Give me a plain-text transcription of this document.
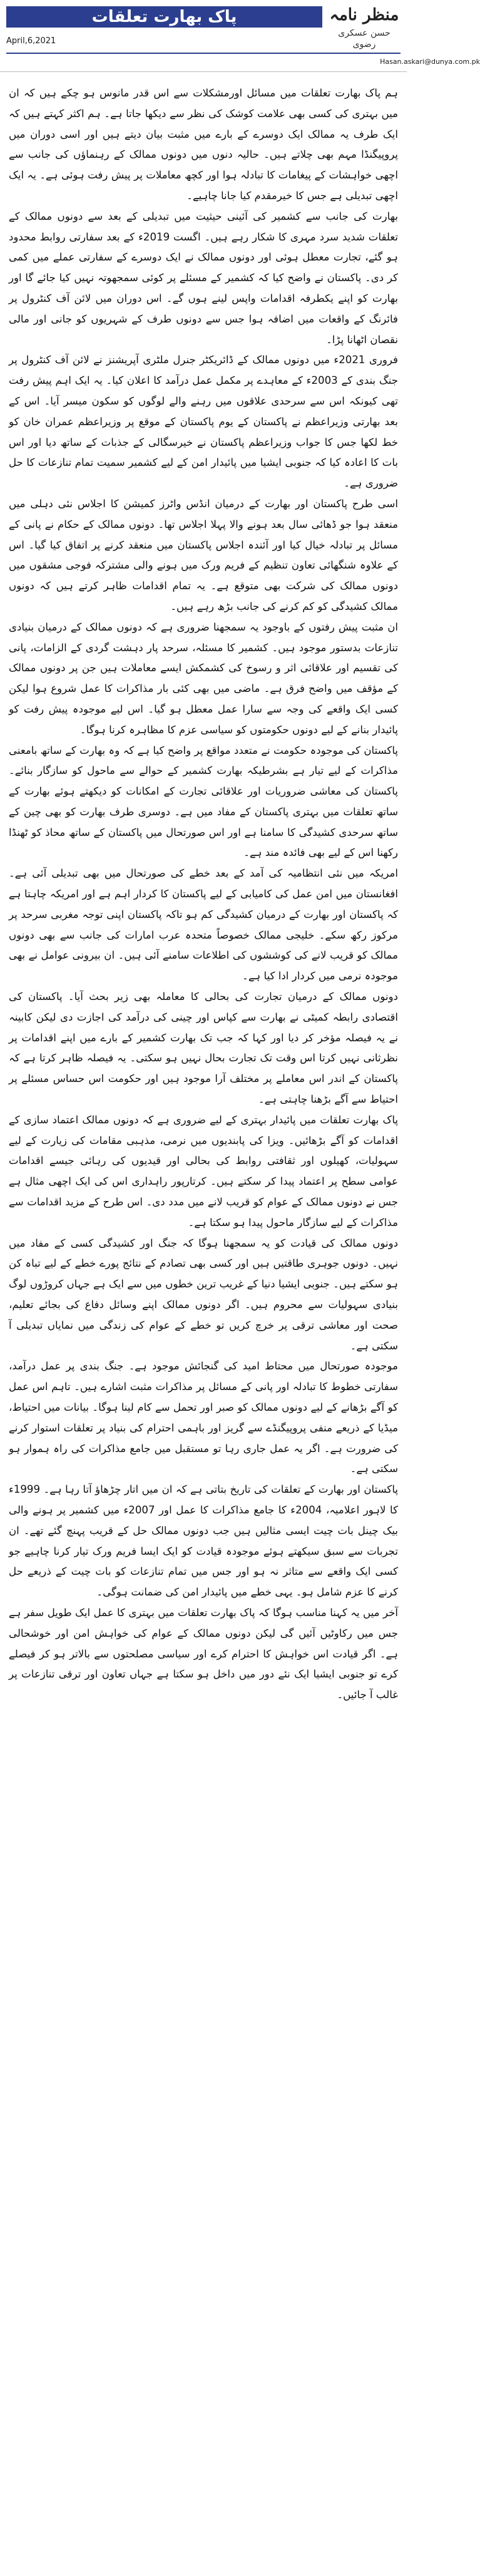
پاک بھارت تعلقات	منظر نامہ
حسن عسکری رضوی
April,6,2021
Hasan.askari@dunya.com.pk

ہم پاک بھارت تعلقات میں مسائل اورمشکلات سے اس قدر مانوس ہو چکے ہیں کہ ان میں بہتری کی کسی بھی علامت کوشک کی نظر سے دیکھا جاتا ہے۔ ہم اکثر کہتے ہیں کہ ایک طرف یہ ممالک ایک دوسرے کے بارے میں مثبت بیان دیتے ہیں اور اسی دوران میں پروپیگنڈا مہم بھی چلاتے ہیں۔ حالیہ دنوں میں دونوں ممالک کے رہنماؤں کی جانب سے اچھی خواہشات کے پیغامات کا تبادلہ ہوا اور کچھ معاملات پر پیش رفت ہوئی ہے۔ یہ ایک اچھی تبدیلی ہے جس کا خیرمقدم کیا جانا چاہیے۔

بھارت کی جانب سے کشمیر کی آئینی حیثیت میں تبدیلی کے بعد سے دونوں ممالک کے تعلقات شدید سرد مہری کا شکار رہے ہیں۔ اگست 2019ء کے بعد سفارتی روابط محدود ہو گئے، تجارت معطل ہوئی اور دونوں ممالک نے ایک دوسرے کے سفارتی عملے میں کمی کر دی۔ پاکستان نے واضح کیا کہ کشمیر کے مسئلے پر کوئی سمجھوتہ نہیں کیا جائے گا اور بھارت کو اپنے یکطرفہ اقدامات واپس لینے ہوں گے۔ اس دوران میں لائن آف کنٹرول پر فائرنگ کے واقعات میں اضافہ ہوا جس سے دونوں طرف کے شہریوں کو جانی اور مالی نقصان اٹھانا پڑا۔

فروری 2021ء میں دونوں ممالک کے ڈائریکٹر جنرل ملٹری آپریشنز نے لائن آف کنٹرول پر جنگ بندی کے 2003ء کے معاہدے پر مکمل عمل درآمد کا اعلان کیا۔ یہ ایک اہم پیش رفت تھی کیونکہ اس سے سرحدی علاقوں میں رہنے والے لوگوں کو سکون میسر آیا۔ اس کے بعد بھارتی وزیراعظم نے پاکستان کے یوم پاکستان کے موقع پر وزیراعظم عمران خان کو خط لکھا جس کا جواب وزیراعظم پاکستان نے خیرسگالی کے جذبات کے ساتھ دیا اور اس بات کا اعادہ کیا کہ جنوبی ایشیا میں پائیدار امن کے لیے کشمیر سمیت تمام تنازعات کا حل ضروری ہے۔

اسی طرح پاکستان اور بھارت کے درمیان انڈس واٹرز کمیشن کا اجلاس نئی دہلی میں منعقد ہوا جو ڈھائی سال بعد ہونے والا پہلا اجلاس تھا۔ دونوں ممالک کے حکام نے پانی کے مسائل پر تبادلہ خیال کیا اور آئندہ اجلاس پاکستان میں منعقد کرنے پر اتفاق کیا گیا۔ اس کے علاوہ شنگھائی تعاون تنظیم کے فریم ورک میں ہونے والی مشترکہ فوجی مشقوں میں دونوں ممالک کی شرکت بھی متوقع ہے۔ یہ تمام اقدامات ظاہر کرتے ہیں کہ دونوں ممالک کشیدگی کو کم کرنے کی جانب بڑھ رہے ہیں۔

ان مثبت پیش رفتوں کے باوجود یہ سمجھنا ضروری ہے کہ دونوں ممالک کے درمیان بنیادی تنازعات بدستور موجود ہیں۔ کشمیر کا مسئلہ، سرحد پار دہشت گردی کے الزامات، پانی کی تقسیم اور علاقائی اثر و رسوخ کی کشمکش ایسے معاملات ہیں جن پر دونوں ممالک کے مؤقف میں واضح فرق ہے۔ ماضی میں بھی کئی بار مذاکرات کا عمل شروع ہوا لیکن کسی ایک واقعے کی وجہ سے سارا عمل معطل ہو گیا۔ اس لیے موجودہ پیش رفت کو پائیدار بنانے کے لیے دونوں حکومتوں کو سیاسی عزم کا مظاہرہ کرنا ہوگا۔

پاکستان کی موجودہ حکومت نے متعدد مواقع پر واضح کیا ہے کہ وہ بھارت کے ساتھ بامعنی مذاکرات کے لیے تیار ہے بشرطیکہ بھارت کشمیر کے حوالے سے ماحول کو سازگار بنائے۔ پاکستان کی معاشی ضروریات اور علاقائی تجارت کے امکانات کو دیکھتے ہوئے بھارت کے ساتھ تعلقات میں بہتری پاکستان کے مفاد میں ہے۔ دوسری طرف بھارت کو بھی چین کے ساتھ سرحدی کشیدگی کا سامنا ہے اور اس صورتحال میں پاکستان کے ساتھ محاذ کو ٹھنڈا رکھنا اس کے لیے بھی فائدہ مند ہے۔

امریکہ میں نئی انتظامیہ کی آمد کے بعد خطے کی صورتحال میں بھی تبدیلی آئی ہے۔ افغانستان میں امن عمل کی کامیابی کے لیے پاکستان کا کردار اہم ہے اور امریکہ چاہتا ہے کہ پاکستان اور بھارت کے درمیان کشیدگی کم ہو تاکہ پاکستان اپنی توجہ مغربی سرحد پر مرکوز رکھ سکے۔ خلیجی ممالک خصوصاً متحدہ عرب امارات کی جانب سے بھی دونوں ممالک کو قریب لانے کی کوششوں کی اطلاعات سامنے آئی ہیں۔ ان بیرونی عوامل نے بھی موجودہ نرمی میں کردار ادا کیا ہے۔

دونوں ممالک کے درمیان تجارت کی بحالی کا معاملہ بھی زیر بحث آیا۔ پاکستان کی اقتصادی رابطہ کمیٹی نے بھارت سے کپاس اور چینی کی درآمد کی اجازت دی لیکن کابینہ نے یہ فیصلہ مؤخر کر دیا اور کہا کہ جب تک بھارت کشمیر کے بارے میں اپنے اقدامات پر نظرثانی نہیں کرتا اس وقت تک تجارت بحال نہیں ہو سکتی۔ یہ فیصلہ ظاہر کرتا ہے کہ پاکستان کے اندر اس معاملے پر مختلف آرا موجود ہیں اور حکومت اس حساس مسئلے پر احتیاط سے آگے بڑھنا چاہتی ہے۔

پاک بھارت تعلقات میں پائیدار بہتری کے لیے ضروری ہے کہ دونوں ممالک اعتماد سازی کے اقدامات کو آگے بڑھائیں۔ ویزا کی پابندیوں میں نرمی، مذہبی مقامات کی زیارت کے لیے سہولیات، کھیلوں اور ثقافتی روابط کی بحالی اور قیدیوں کی رہائی جیسے اقدامات عوامی سطح پر اعتماد پیدا کر سکتے ہیں۔ کرتارپور راہداری اس کی ایک اچھی مثال ہے جس نے دونوں ممالک کے عوام کو قریب لانے میں مدد دی۔ اس طرح کے مزید اقدامات سے مذاکرات کے لیے سازگار ماحول پیدا ہو سکتا ہے۔

دونوں ممالک کی قیادت کو یہ سمجھنا ہوگا کہ جنگ اور کشیدگی کسی کے مفاد میں نہیں۔ دونوں جوہری طاقتیں ہیں اور کسی بھی تصادم کے نتائج پورے خطے کے لیے تباہ کن ہو سکتے ہیں۔ جنوبی ایشیا دنیا کے غریب ترین خطوں میں سے ایک ہے جہاں کروڑوں لوگ بنیادی سہولیات سے محروم ہیں۔ اگر دونوں ممالک اپنے وسائل دفاع کی بجائے تعلیم، صحت اور معاشی ترقی پر خرچ کریں تو خطے کے عوام کی زندگی میں نمایاں تبدیلی آ سکتی ہے۔

موجودہ صورتحال میں محتاط امید کی گنجائش موجود ہے۔ جنگ بندی پر عمل درآمد، سفارتی خطوط کا تبادلہ اور پانی کے مسائل پر مذاکرات مثبت اشارے ہیں۔ تاہم اس عمل کو آگے بڑھانے کے لیے دونوں ممالک کو صبر اور تحمل سے کام لینا ہوگا۔ بیانات میں احتیاط، میڈیا کے ذریعے منفی پروپیگنڈے سے گریز اور باہمی احترام کی بنیاد پر تعلقات استوار کرنے کی ضرورت ہے۔ اگر یہ عمل جاری رہا تو مستقبل میں جامع مذاکرات کی راہ ہموار ہو سکتی ہے۔

پاکستان اور بھارت کے تعلقات کی تاریخ بتاتی ہے کہ ان میں اتار چڑھاؤ آتا رہا ہے۔ 1999ء کا لاہور اعلامیہ، 2004ء کا جامع مذاکرات کا عمل اور 2007ء میں کشمیر پر ہونے والی بیک چینل بات چیت ایسی مثالیں ہیں جب دونوں ممالک حل کے قریب پہنچ گئے تھے۔ ان تجربات سے سبق سیکھتے ہوئے موجودہ قیادت کو ایک ایسا فریم ورک تیار کرنا چاہیے جو کسی ایک واقعے سے متاثر نہ ہو اور جس میں تمام تنازعات کو بات چیت کے ذریعے حل کرنے کا عزم شامل ہو۔ یہی خطے میں پائیدار امن کی ضمانت ہوگی۔

آخر میں یہ کہنا مناسب ہوگا کہ پاک بھارت تعلقات میں بہتری کا عمل ایک طویل سفر ہے جس میں رکاوٹیں آئیں گی لیکن دونوں ممالک کے عوام کی خواہش امن اور خوشحالی ہے۔ اگر قیادت اس خواہش کا احترام کرے اور سیاسی مصلحتوں سے بالاتر ہو کر فیصلے کرے تو جنوبی ایشیا ایک نئے دور میں داخل ہو سکتا ہے جہاں تعاون اور ترقی تنازعات پر غالب آ جائیں۔
